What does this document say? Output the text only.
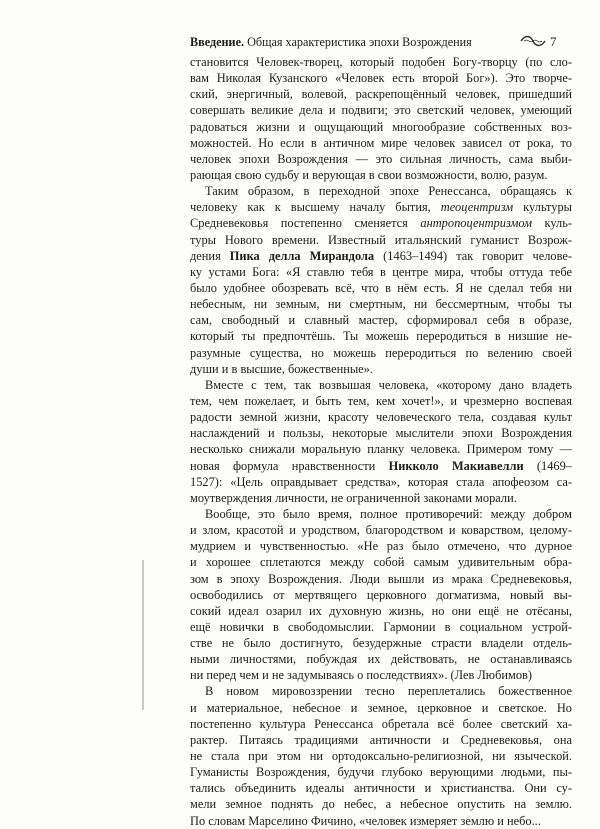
Введение. Общая характеристика эпохи Возрождения	7

становится Человек-творец, который подобен Богу-творцу (по сло-
вам Николая Кузанского «Человек есть второй Бог»). Это творче-
ский, энергичный, волевой, раскрепощённый человек, пришедший
совершать великие дела и подвиги; это светский человек, умеющий
радоваться жизни и ощущающий многообразие собственных воз-
можностей. Но если в античном мире человек зависел от рока, то
человек эпохи Возрождения — это сильная личность, сама выби-
рающая свою судьбу и верующая в свои возможности, волю, разум.

Таким образом, в переходной эпохе Ренессанса, обращаясь к
человеку как к высшему началу бытия, теоцентризм культуры
Средневековья постепенно сменяется антропоцентризмом куль-
туры Нового времени. Известный итальянский гуманист Возрож-
дения Пика делла Мирандола (1463–1494) так говорит челове-
ку устами Бога: «Я ставлю тебя в центре мира, чтобы оттуда тебе
было удобнее обозревать всё, что в нём есть. Я не сделал тебя ни
небесным, ни земным, ни смертным, ни бессмертным, чтобы ты
сам, свободный и славный мастер, сформировал себя в образе,
который ты предпочтёшь. Ты можешь переродиться в низшие не-
разумные существа, но можешь переродиться по велению своей
души и в высшие, божественные».

Вместе с тем, так возвышая человека, «которому дано владеть
тем, чем пожелает, и быть тем, кем хочет!», и чрезмерно воспевая
радости земной жизни, красоту человеческого тела, создавая культ
наслаждений и пользы, некоторые мыслители эпохи Возрождения
несколько снижали моральную планку человека. Примером тому —
новая формула нравственности Никколо Макиавелли (1469–
1527): «Цель оправдывает средства», которая стала апофеозом са-
моутверждения личности, не ограниченной законами морали.

Вообще, это было время, полное противоречий: между добром
и злом, красотой и уродством, благородством и коварством, целому-
мудрием и чувственностью. «Не раз было отмечено, что дурное
и хорошее сплетаются между собой самым удивительным обра-
зом в эпоху Возрождения. Люди вышли из мрака Средневековья,
освободились от мертвящего церковного догматизма, новый вы-
сокий идеал озарил их духовную жизнь, но они ещё не отёсаны,
ещё новички в свободомыслии. Гармонии в социальном устрой-
стве не было достигнуто, безудержные страсти владели отдель-
ными личностями, побуждая их действовать, не останавливаясь
ни перед чем и не задумываясь о последствиях». (Лев Любимов)

В новом мировоззрении тесно переплетались божественное
и материальное, небесное и земное, церковное и светское. Но
постепенно культура Ренессанса обретала всё более светский ха-
рактер. Питаясь традициями античности и Средневековья, она
не стала при этом ни ортодоксально-религиозной, ни языческой.
Гуманисты Возрождения, будучи глубоко верующими людьми, пы-
тались объединить идеалы античности и христианства. Они су-
мели земное поднять до небес, а небесное опустить на землю.
По словам Марселино Фичино, «человек измеряет землю и небо...
